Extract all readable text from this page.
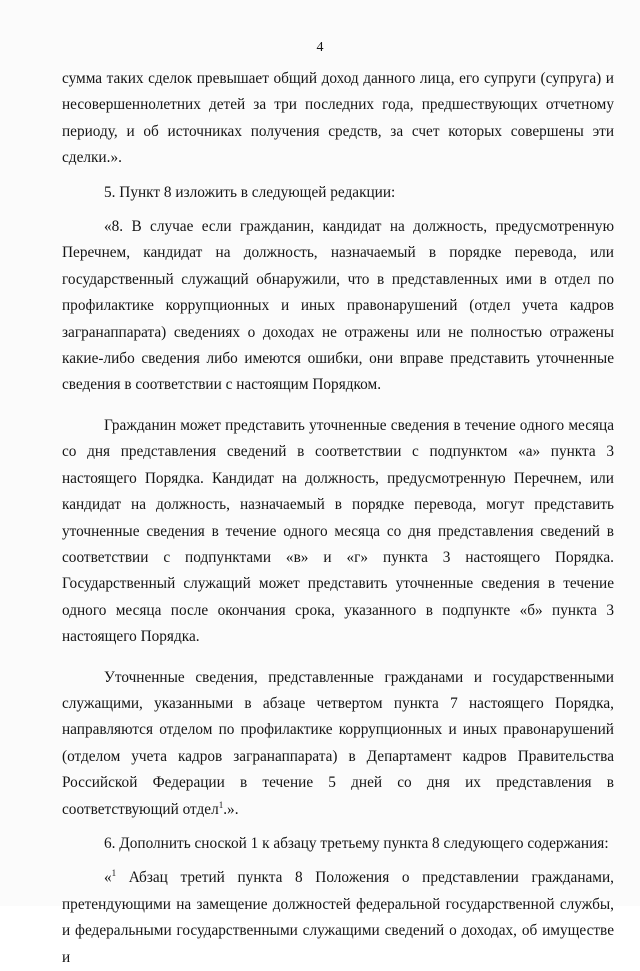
4

сумма таких сделок превышает общий доход данного лица, его супруги (супруга) и несовершеннолетних детей за три последних года, предшествующих отчетному периоду, и об источниках получения средств, за счет которых совершены эти сделки.».

5. Пункт 8 изложить в следующей редакции:

«8. В случае если гражданин, кандидат на должность, предусмотренную Перечнем, кандидат на должность, назначаемый в порядке перевода, или государственный служащий обнаружили, что в представленных ими в отдел по профилактике коррупционных и иных правонарушений (отдел учета кадров загранаппарата) сведениях о доходах не отражены или не полностью отражены какие-либо сведения либо имеются ошибки, они вправе представить уточненные сведения в соответствии с настоящим Порядком.

Гражданин может представить уточненные сведения в течение одного месяца со дня представления сведений в соответствии с подпунктом «а» пункта 3 настоящего Порядка. Кандидат на должность, предусмотренную Перечнем, или кандидат на должность, назначаемый в порядке перевода, могут представить уточненные сведения в течение одного месяца со дня представления сведений в соответствии с подпунктами «в» и «г» пункта 3 настоящего Порядка. Государственный служащий может представить уточненные сведения в течение одного месяца после окончания срока, указанного в подпункте «б» пункта 3 настоящего Порядка.

Уточненные сведения, представленные гражданами и государственными служащими, указанными в абзаце четвертом пункта 7 настоящего Порядка, направляются отделом по профилактике коррупционных и иных правонарушений (отделом учета кадров загранаппарата) в Департамент кадров Правительства Российской Федерации в течение 5 дней со дня их представления в соответствующий отдел$^1$.».

6. Дополнить сноской 1 к абзацу третьему пункта 8 следующего содержания:

«$^1$ Абзац третий пункта 8 Положения о представлении гражданами, претендующими на замещение должностей федеральной государственной службы, и федеральными государственными служащими сведений о доходах, об имуществе и
